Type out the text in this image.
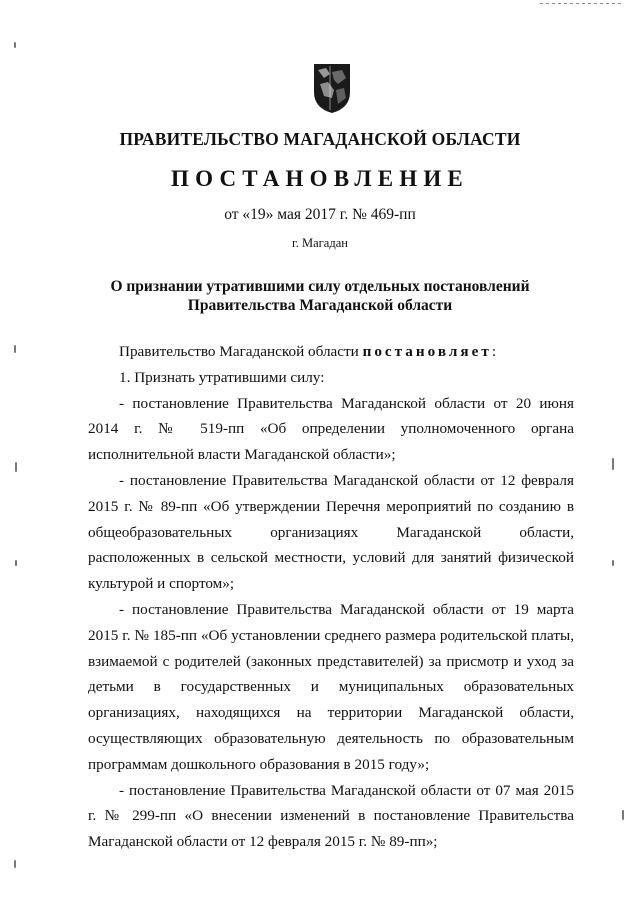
ПРАВИТЕЛЬСТВО МАГАДАНСКОЙ ОБЛАСТИ
ПОСТАНОВЛЕНИЕ
от «19» мая 2017 г. № 469-пп
г. Магадан
О признании утратившими силу отдельных постановлений
Правительства Магаданской области

Правительство Магаданской области постановляет:

1. Признать утратившими силу:

- постановление Правительства Магаданской области от 20 июня 2014 г. № 519-пп «Об определении уполномоченного органа исполнительной власти Магаданской области»;

- постановление Правительства Магаданской области от 12 февраля 2015 г. № 89-пп «Об утверждении Перечня мероприятий по созданию в общеобразовательных организациях Магаданской области, расположенных в сельской местности, условий для занятий физической культурой и спортом»;

- постановление Правительства Магаданской области от 19 марта 2015 г. № 185-пп «Об установлении среднего размера родительской платы, взимаемой с родителей (законных представителей) за присмотр и уход за детьми в государственных и муниципальных образовательных организациях, находящихся на территории Магаданской области, осуществляющих образовательную деятельность по образовательным программам дошкольного образования в 2015 году»;

- постановление Правительства Магаданской области от 07 мая 2015 г. № 299-пп «О внесении изменений в постановление Правительства Магаданской области от 12 февраля 2015 г. № 89-пп»;
